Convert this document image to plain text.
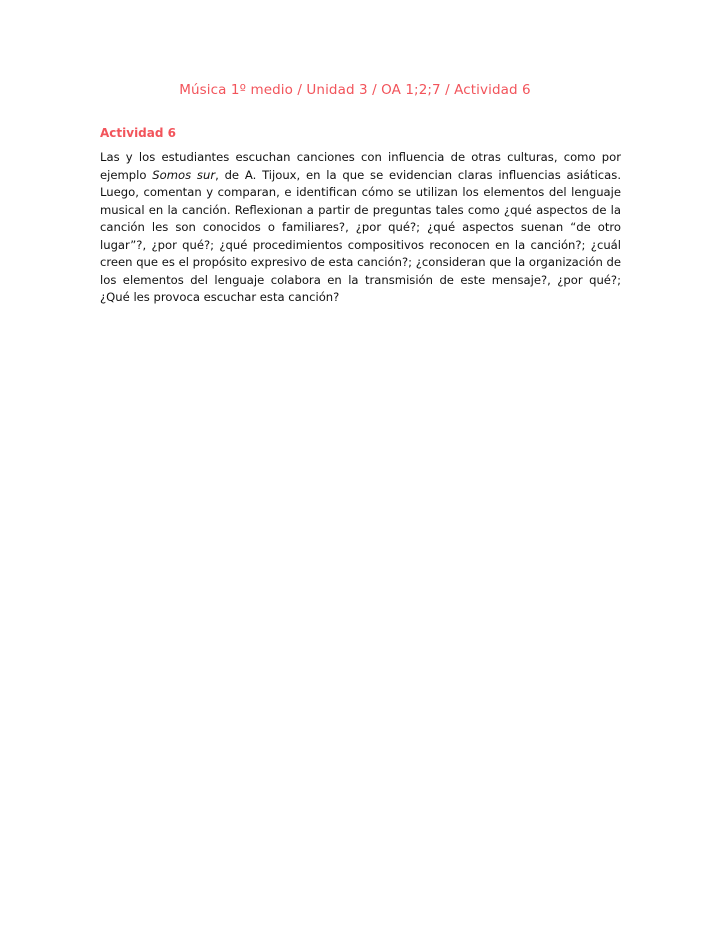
Música 1º medio / Unidad 3 / OA 1;2;7 / Actividad 6
Actividad 6

Las y los estudiantes escuchan canciones con influencia de otras culturas, como por ejemplo Somos sur, de A. Tijoux, en la que se evidencian claras influencias asiáticas. Luego, comentan y comparan, e identifican cómo se utilizan los elementos del lenguaje musical en la canción. Reflexionan a partir de preguntas tales como ¿qué aspectos de la canción les son conocidos o familiares?, ¿por qué?; ¿qué aspectos suenan “de otro lugar”?, ¿por qué?; ¿qué procedimientos compositivos reconocen en la canción?; ¿cuál creen que es el propósito expresivo de esta canción?; ¿consideran que la organización de los elementos del lenguaje colabora en la transmisión de este mensaje?, ¿por qué?; ¿Qué les provoca escuchar esta canción?
